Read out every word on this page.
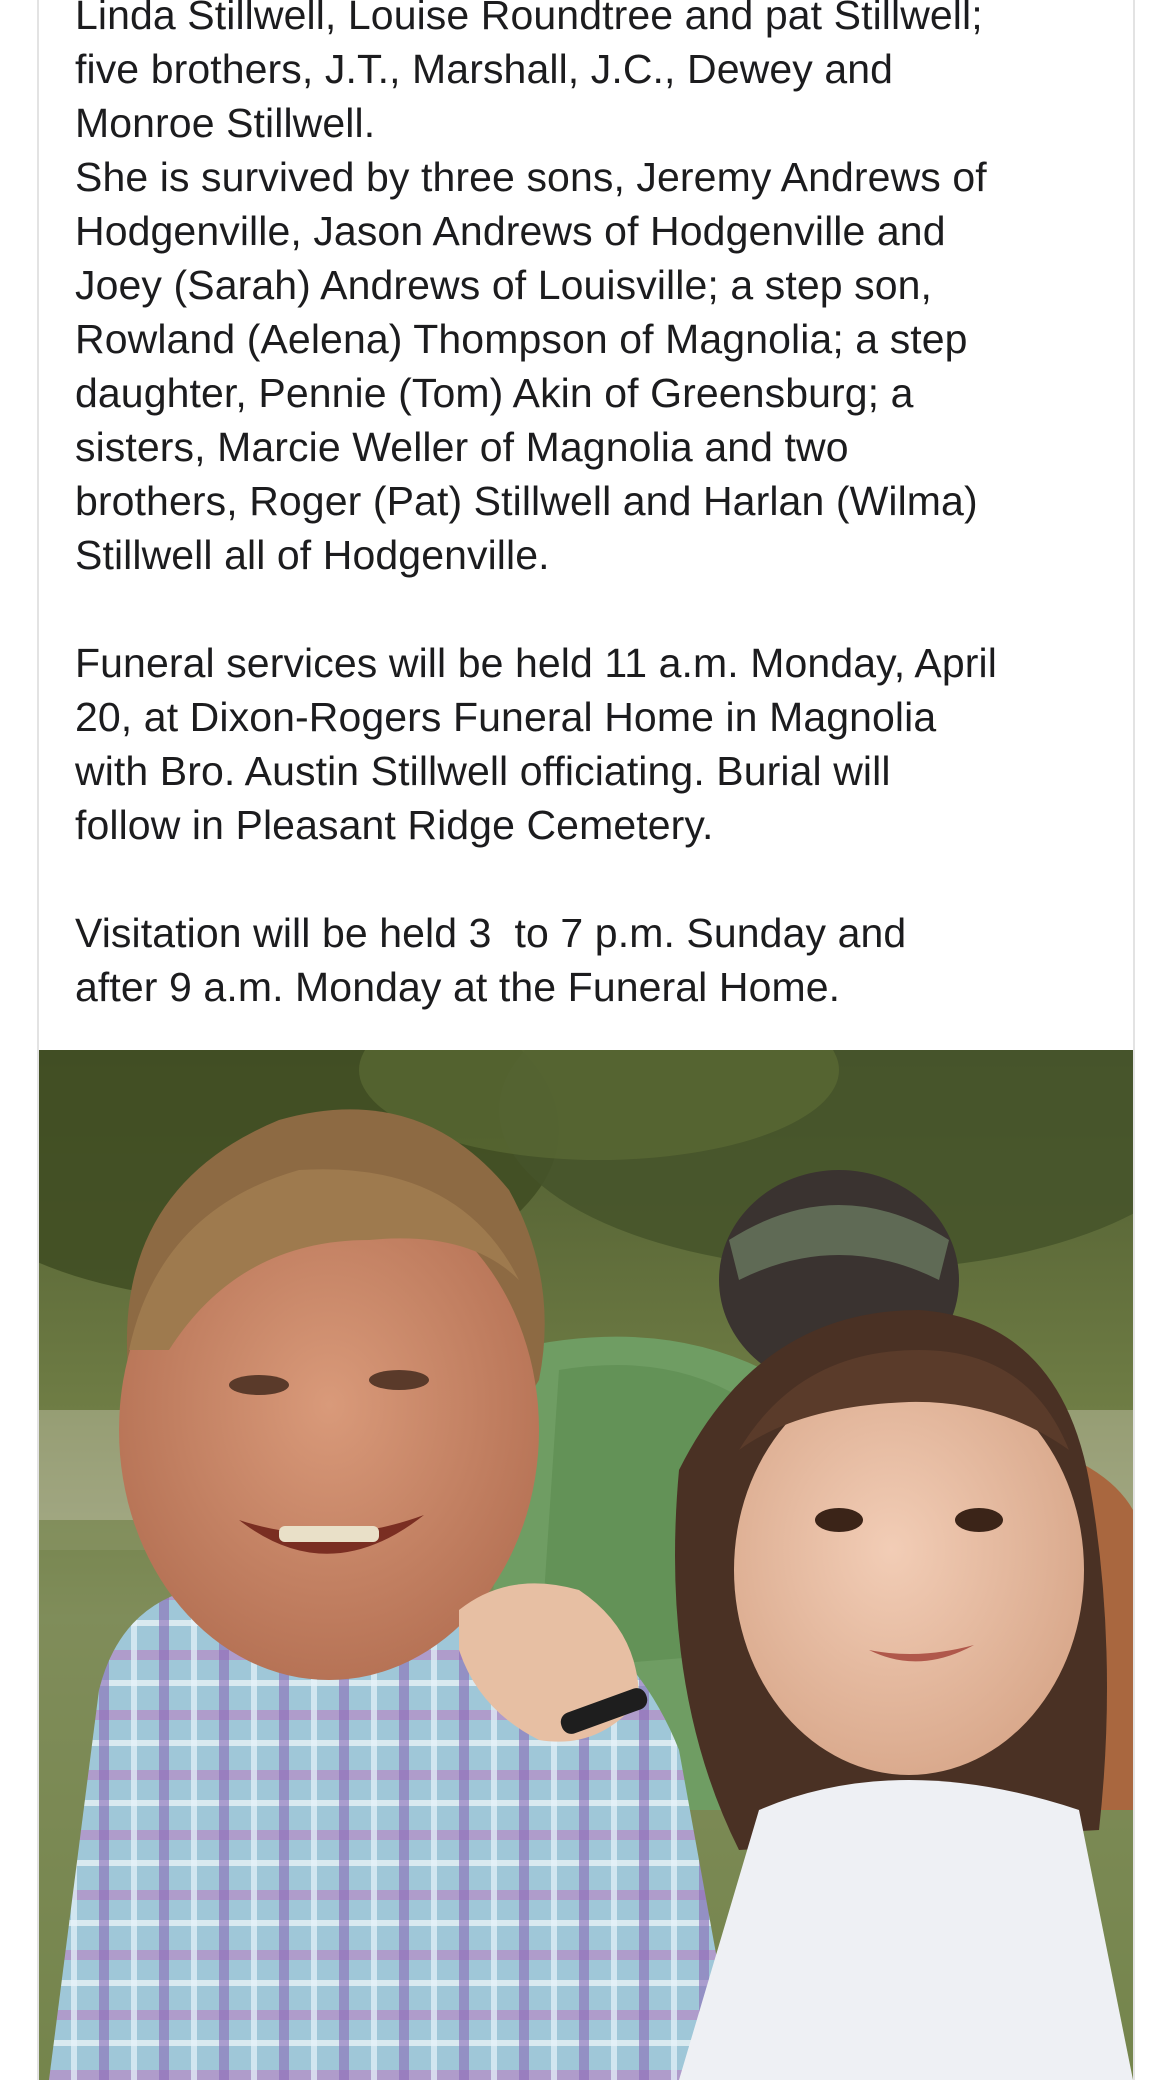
Linda Stillwell, Louise Roundtree and pat Stillwell;
five brothers, J.T., Marshall, J.C., Dewey and
Monroe Stillwell.
She is survived by three sons, Jeremy Andrews of
Hodgenville, Jason Andrews of Hodgenville and
Joey (Sarah) Andrews of Louisville; a step son,
Rowland (Aelena) Thompson of Magnolia; a step
daughter, Pennie (Tom) Akin of Greensburg; a
sisters, Marcie Weller of Magnolia and two
brothers, Roger (Pat) Stillwell and Harlan (Wilma)
Stillwell all of Hodgenville.
Funeral services will be held 11 a.m. Monday, April
20, at Dixon-Rogers Funeral Home in Magnolia
with Bro. Austin Stillwell officiating. Burial will
follow in Pleasant Ridge Cemetery.
Visitation will be held 3  to 7 p.m. Sunday and
after 9 a.m. Monday at the Funeral Home.
